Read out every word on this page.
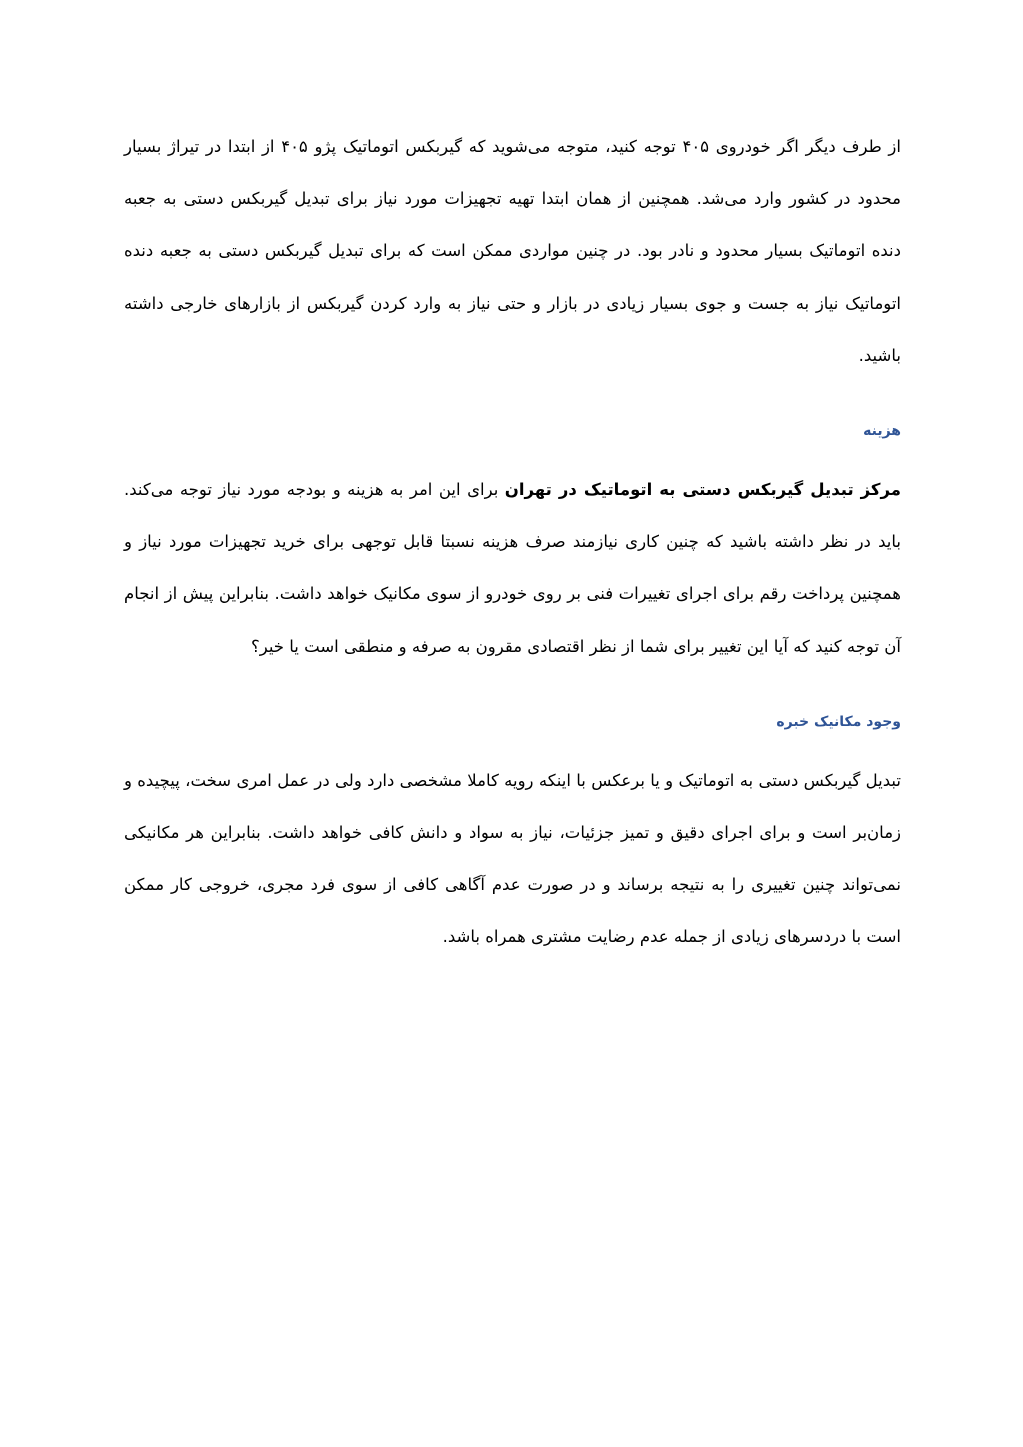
از طرف دیگر اگر خودروی ۴۰۵ توجه کنید، متوجه می‌شوید که گیربکس اتوماتیک پژو ۴۰۵ از ابتدا در تیراژ بسیار محدود در کشور وارد می‌شد. همچنین از همان ابتدا تهیه تجهیزات مورد نیاز برای تبدیل گیربکس دستی به جعبه دنده اتوماتیک بسیار محدود و نادر بود. در چنین مواردی ممکن است که برای تبدیل گیربکس دستی به جعبه دنده اتوماتیک نیاز به جست و جوی بسیار زیادی در بازار و حتی نیاز به وارد کردن گیربکس از بازارهای خارجی داشته باشید.

هزینه

مرکز تبدیل گیربکس دستی به اتوماتیک در تهران برای این امر به هزینه و بودجه مورد نیاز توجه می‌کند. باید در نظر داشته باشید که چنین کاری نیازمند صرف هزینه نسبتا قابل توجهی برای خرید تجهیزات مورد نیاز و همچنین پرداخت رقم برای اجرای تغییرات فنی بر روی خودرو از سوی مکانیک خواهد داشت. بنابراین پیش از انجام آن توجه کنید که آیا این تغییر برای شما از نظر اقتصادی مقرون به صرفه و منطقی است یا خیر؟

وجود مکانیک خبره

تبدیل گیربکس دستی به اتوماتیک و یا برعکس با اینکه رویه کاملا مشخصی دارد ولی در عمل امری سخت، پیچیده و زمان‌بر است و برای اجرای دقیق و تمیز جزئیات، نیاز به سواد و دانش کافی خواهد داشت. بنابراین هر مکانیکی نمی‌تواند چنین تغییری را به نتیجه برساند و در صورت عدم آگاهی کافی از سوی فرد مجری، خروجی کار ممکن است با دردسرهای زیادی از جمله عدم رضایت مشتری همراه باشد.
